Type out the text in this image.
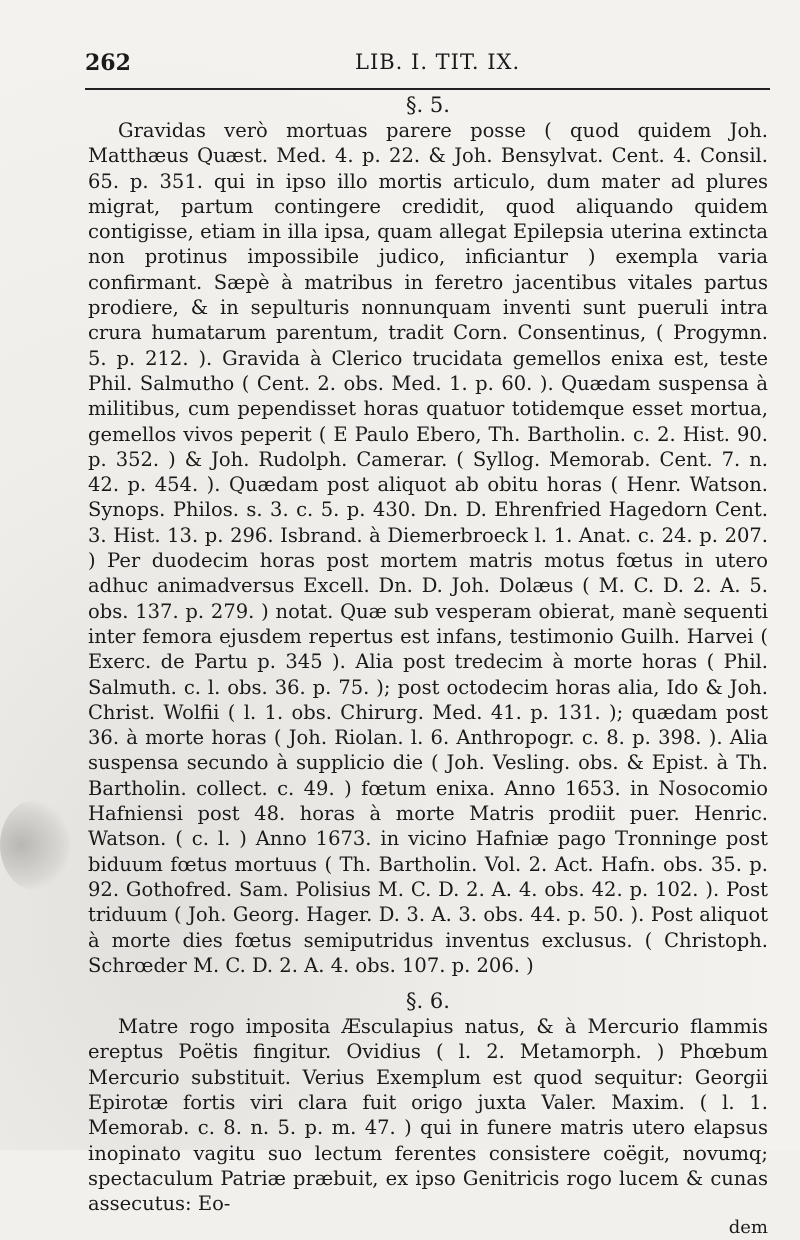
262	LIB. I. TIT. IX.
§. 5.

Gravidas verò mortuas parere posse ( quod quidem Joh. Matthæus Quæst. Med. 4. p. 22. & Joh. Bensylvat. Cent. 4. Consil. 65. p. 351. qui in ipso illo mortis articulo, dum mater ad plures migrat, partum contingere credidit, quod aliquando quidem contigisse, etiam in illa ipsa, quam allegat Epilepsia uterina extincta non protinus impossibile judico, inficiantur ) exempla varia confirmant. Sæpè à matribus in feretro jacentibus vitales partus prodiere, & in sepulturis nonnunquam inventi sunt pueruli intra crura humatarum parentum, tradit Corn. Consentinus, ( Progymn. 5. p. 212. ). Gravida à Clerico trucidata gemellos enixa est, teste Phil. Salmutho ( Cent. 2. obs. Med. 1. p. 60. ). Quædam suspensa à militibus, cum pependisset horas quatuor totidemque esset mortua, gemellos vivos peperit ( E Paulo Ebero, Th. Bartholin. c. 2. Hist. 90. p. 352. ) & Joh. Rudolph. Camerar. ( Syllog. Memorab. Cent. 7. n. 42. p. 454. ). Quædam post aliquot ab obitu horas ( Henr. Watson. Synops. Philos. s. 3. c. 5. p. 430. Dn. D. Ehrenfried Hagedorn Cent. 3. Hist. 13. p. 296. Isbrand. à Diemerbroeck l. 1. Anat. c. 24. p. 207. ) Per duodecim horas post mortem matris motus fœtus in utero adhuc animadversus Excell. Dn. D. Joh. Dolæus ( M. C. D. 2. A. 5. obs. 137. p. 279. ) notat. Quæ sub vesperam obierat, manè sequenti inter femora ejusdem repertus est infans, testimonio Guilh. Harvei ( Exerc. de Partu p. 345 ). Alia post tredecim à morte horas ( Phil. Salmuth. c. l. obs. 36. p. 75. ); post octodecim horas alia, Ido & Joh. Christ. Wolfii ( l. 1. obs. Chirurg. Med. 41. p. 131. ); quædam post 36. à morte horas ( Joh. Riolan. l. 6. Anthropogr. c. 8. p. 398. ). Alia suspensa secundo à supplicio die ( Joh. Vesling. obs. & Epist. à Th. Bartholin. collect. c. 49. ) fœtum enixa. Anno 1653. in Nosocomio Hafniensi post 48. horas à morte Matris prodiit puer. Henric. Watson. ( c. l. ) Anno 1673. in vicino Hafniæ pago Tronninge post biduum fœtus mortuus ( Th. Bartholin. Vol. 2. Act. Hafn. obs. 35. p. 92. Gothofred. Sam. Polisius M. C. D. 2. A. 4. obs. 42. p. 102. ). Post triduum ( Joh. Georg. Hager. D. 3. A. 3. obs. 44. p. 50. ). Post aliquot à morte dies fœtus semiputridus inventus exclusus. ( Christoph. Schrœder M. C. D. 2. A. 4. obs. 107. p. 206. )

§. 6.

Matre rogo imposita Æsculapius natus, & à Mercurio flammis ereptus Poëtis fingitur. Ovidius ( l. 2. Metamorph. ) Phœbum Mercurio substituit. Verius Exemplum est quod sequitur: Georgii Epirotæ fortis viri clara fuit origo juxta Valer. Maxim. ( l. 1. Memorab. c. 8. n. 5. p. m. 47. ) qui in funere matris utero elapsus inopinato vagitu suo lectum ferentes consistere coëgit, novumq; spectaculum Patriæ præbuit, ex ipso Genitricis rogo lucem & cunas assecutus: Eo-

dem
